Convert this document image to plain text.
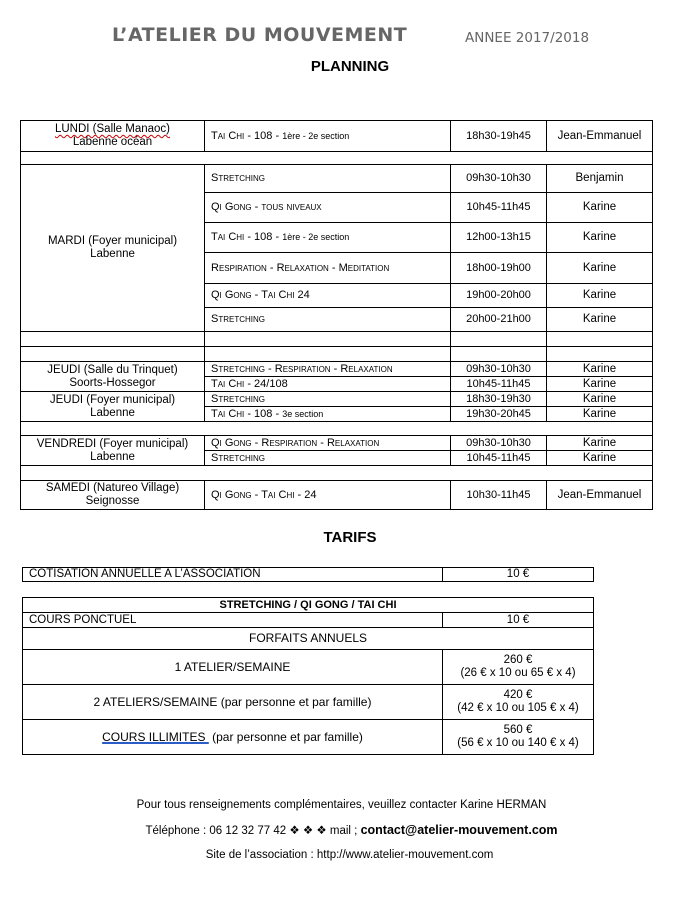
L’ATELIER DU MOUVEMENT	ANNEE 2017/2018
PLANNING
LUNDI (Salle Manaoc)
Labenne océan	Tai Chi - 108 - 1ère - 2e section	18h30-19h45	Jean-Emmanuel

MARDI (Foyer municipal)
Labenne	Stretching	09h30-10h30	Benjamin
	Qi Gong - tous niveaux	10h45-11h45	Karine
	Tai Chi - 108 - 1ère - 2e section	12h00-13h15	Karine
	Respiration - Relaxation - Meditation	18h00-19h00	Karine
	Qi Gong - Tai Chi 24	19h00-20h00	Karine
	Stretching	20h00-21h00	Karine

JEUDI (Salle du Trinquet)
Soorts-Hossegor	Stretching - Respiration - Relaxation	09h30-10h30	Karine
	Tai Chi - 24/108	10h45-11h45	Karine
JEUDI (Foyer municipal)
Labenne	Stretching	18h30-19h30	Karine
	Tai Chi - 108 - 3e section	19h30-20h45	Karine

VENDREDI (Foyer municipal)
Labenne	Qi Gong - Respiration - Relaxation	09h30-10h30	Karine
	Stretching	10h45-11h45	Karine

SAMEDI (Natureo Village)
Seignosse	Qi Gong - Tai Chi - 24	10h30-11h45	Jean-Emmanuel
TARIFS
COTISATION ANNUELLE A L’ASSOCIATION	10 €
STRETCHING / QI GONG / TAI CHI	
COURS PONCTUEL	10 €
FORFAITS ANNUELS	
1 ATELIER/SEMAINE	260 €
(26 € x 10 ou 65 € x 4)
2 ATELIERS/SEMAINE (par personne et par famille)	420 €
(42 € x 10 ou 105 € x 4)
COURS ILLIMITES  (par personne et par famille)	560 €
(56 € x 10 ou 140 € x 4)
Pour tous renseignements complémentaires, veuillez contacter Karine HERMAN
Téléphone : 06 12 32 77 42 ❖ ❖ ❖ mail ; contact@atelier-mouvement.com
Site de l’association : http://www.atelier-mouvement.com
